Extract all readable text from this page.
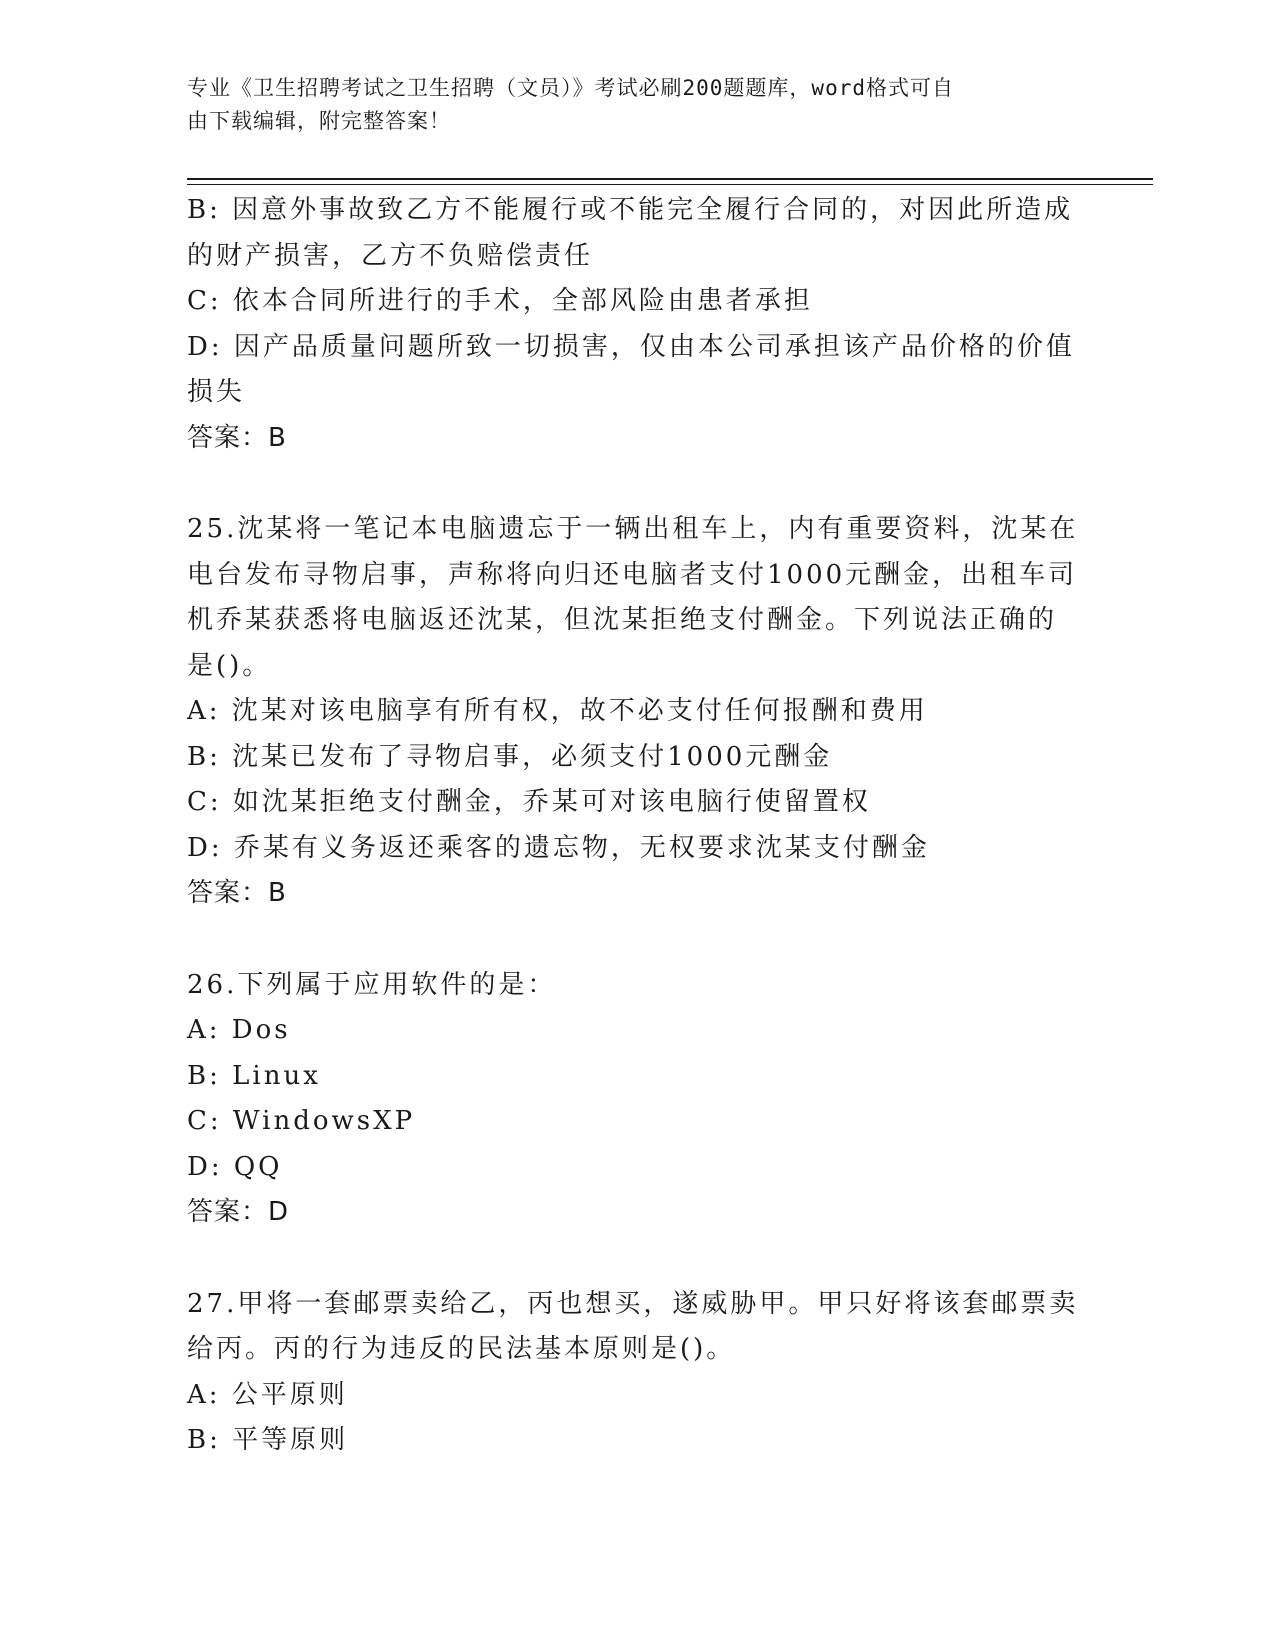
专业《卫生招聘考试之卫生招聘（文员）》考试必刷200题题库，word格式可自
由下载编辑，附完整答案！
B: 因意外事故致乙方不能履行或不能完全履行合同的，对因此所造成
的财产损害，乙方不负赔偿责任
C: 依本合同所进行的手术，全部风险由患者承担
D: 因产品质量问题所致一切损害，仅由本公司承担该产品价格的价值
损失
答案：B
25.沈某将一笔记本电脑遗忘于一辆出租车上，内有重要资料，沈某在
电台发布寻物启事，声称将向归还电脑者支付1000元酬金，出租车司
机乔某获悉将电脑返还沈某，但沈某拒绝支付酬金。下列说法正确的
是()。
A: 沈某对该电脑享有所有权，故不必支付任何报酬和费用
B: 沈某已发布了寻物启事，必须支付1000元酬金
C: 如沈某拒绝支付酬金，乔某可对该电脑行使留置权
D: 乔某有义务返还乘客的遗忘物，无权要求沈某支付酬金
答案：B
26.下列属于应用软件的是：
A: Dos
B: Linux
C: WindowsXP
D: QQ
答案：D
27.甲将一套邮票卖给乙，丙也想买，遂威胁甲。甲只好将该套邮票卖
给丙。丙的行为违反的民法基本原则是()。
A: 公平原则
B: 平等原则
